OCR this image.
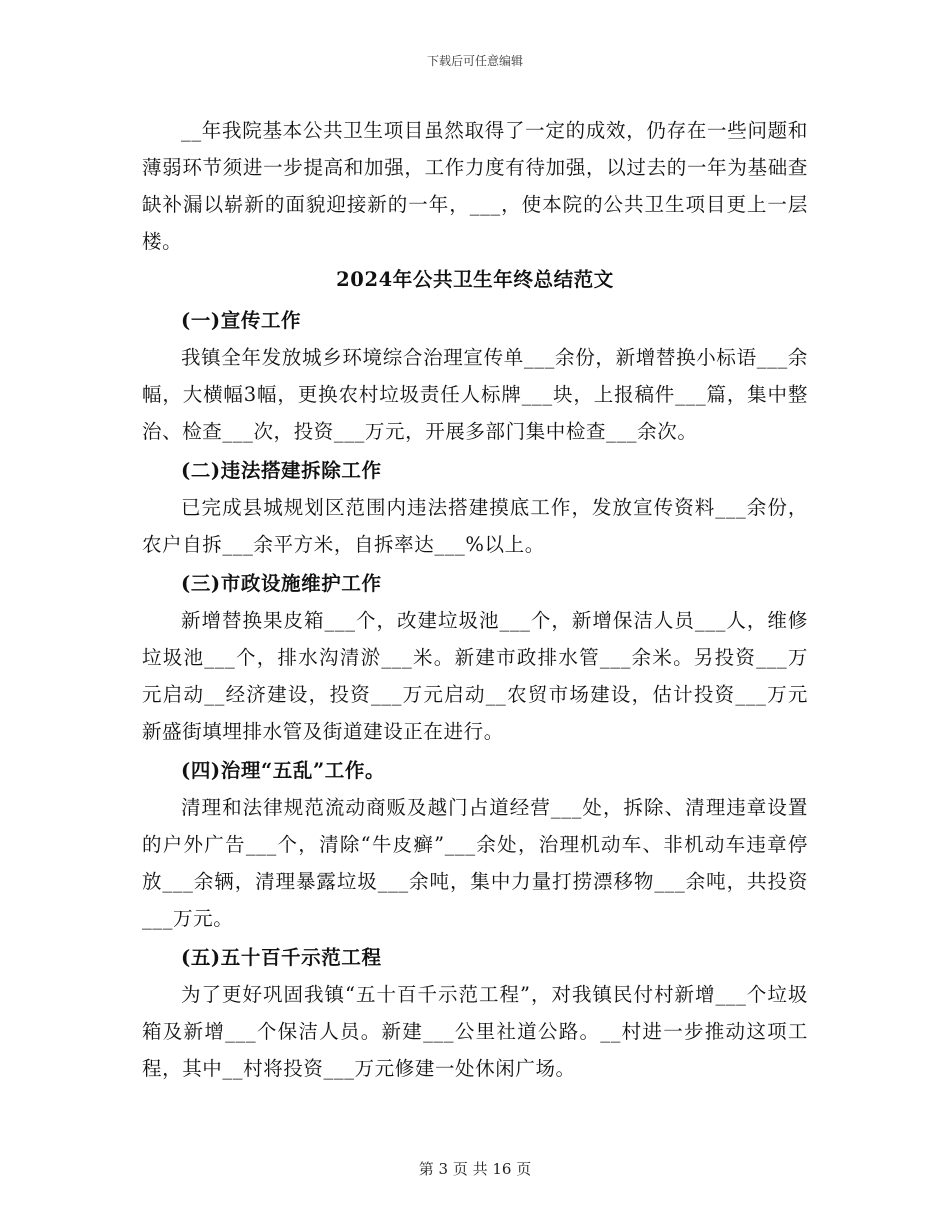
下载后可任意编辑

__年我院基本公共卫生项目虽然取得了一定的成效，仍存在一些问题和薄弱环节须进一步提高和加强，工作力度有待加强，以过去的一年为基础查缺补漏以崭新的面貌迎接新的一年，___，使本院的公共卫生项目更上一层楼。

2024年公共卫生年终总结范文

(一)宣传工作

我镇全年发放城乡环境综合治理宣传单___余份，新增替换小标语___余幅，大横幅3幅，更换农村垃圾责任人标牌___块，上报稿件___篇，集中整治、检查___次，投资___万元，开展多部门集中检查___余次。

(二)违法搭建拆除工作

已完成县城规划区范围内违法搭建摸底工作，发放宣传资料___余份，农户自拆___余平方米，自拆率达___%以上。

(三)市政设施维护工作

新增替换果皮箱___个，改建垃圾池___个，新增保洁人员___人，维修垃圾池___个，排水沟清淤___米。新建市政排水管___余米。另投资___万元启动__经济建设，投资___万元启动__农贸市场建设，估计投资___万元新盛街填埋排水管及街道建设正在进行。

(四)治理“五乱”工作。

清理和法律规范流动商贩及越门占道经营___处，拆除、清理违章设置的户外广告___个，清除“牛皮癣”___余处，治理机动车、非机动车违章停放___余辆，清理暴露垃圾___余吨，集中力量打捞漂移物___余吨，共投资___万元。

(五)五十百千示范工程

为了更好巩固我镇“五十百千示范工程”，对我镇民付村新增___个垃圾箱及新增___个保洁人员。新建___公里社道公路。__村进一步推动这项工程，其中__村将投资___万元修建一处休闲广场。

第 3 页 共 16 页
